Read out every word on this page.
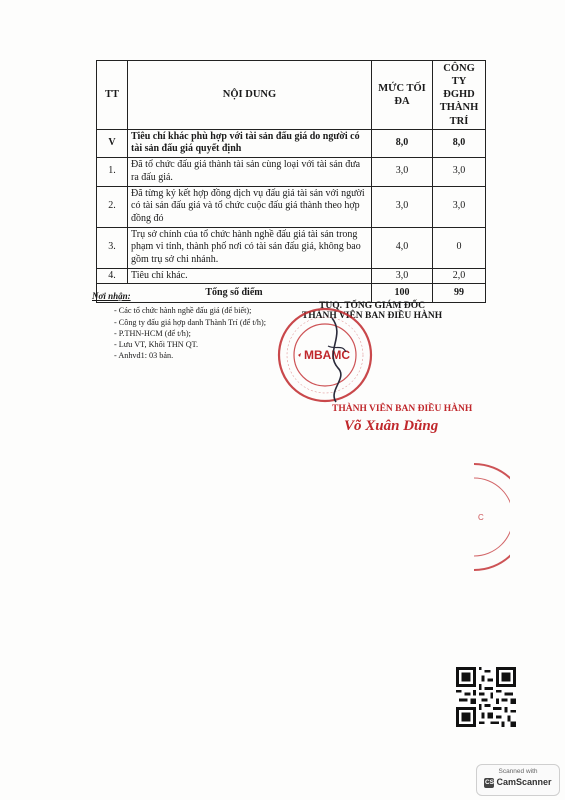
TT	NỘI DUNG	MỨC TỐI ĐA	CÔNG TY ĐGHD THÀNH TRÍ
V	Tiêu chí khác phù hợp với tài sản đấu giá do người có tài sản đấu giá quyết định	8,0	8,0
1.	Đã tổ chức đấu giá thành tài sản cùng loại với tài sản đưa ra đấu giá.	3,0	3,0
2.	Đã từng ký kết hợp đồng dịch vụ đấu giá tài sản với người có tài sản đấu giá và tổ chức cuộc đấu giá thành theo hợp đồng đó	3,0	3,0
3.	Trụ sở chính của tổ chức hành nghề đấu giá tài sản trong phạm vi tỉnh, thành phố nơi có tài sản đấu giá, không bao gồm trụ sở chi nhánh.	4,0	0
4.	Tiêu chí khác.	3,0	2,0
Tổng số điểm		100	99
Nơi nhận:
- Các tổ chức hành nghề đấu giá (để biết);
- Công ty đấu giá hợp danh Thành Trí (để t/h);
- P.THN-HCM (để t/h);
- Lưu VT, Khối THN QT.
- Anhvd1: 03 bản.
TUQ. TỔNG GIÁM ĐỐC
THÀNH VIÊN BAN ĐIỀU HÀNH
THÀNH VIÊN BAN ĐIỀU HÀNH
Võ Xuân Dũng
MBAMC
C
Scanned with
CS CamScanner
